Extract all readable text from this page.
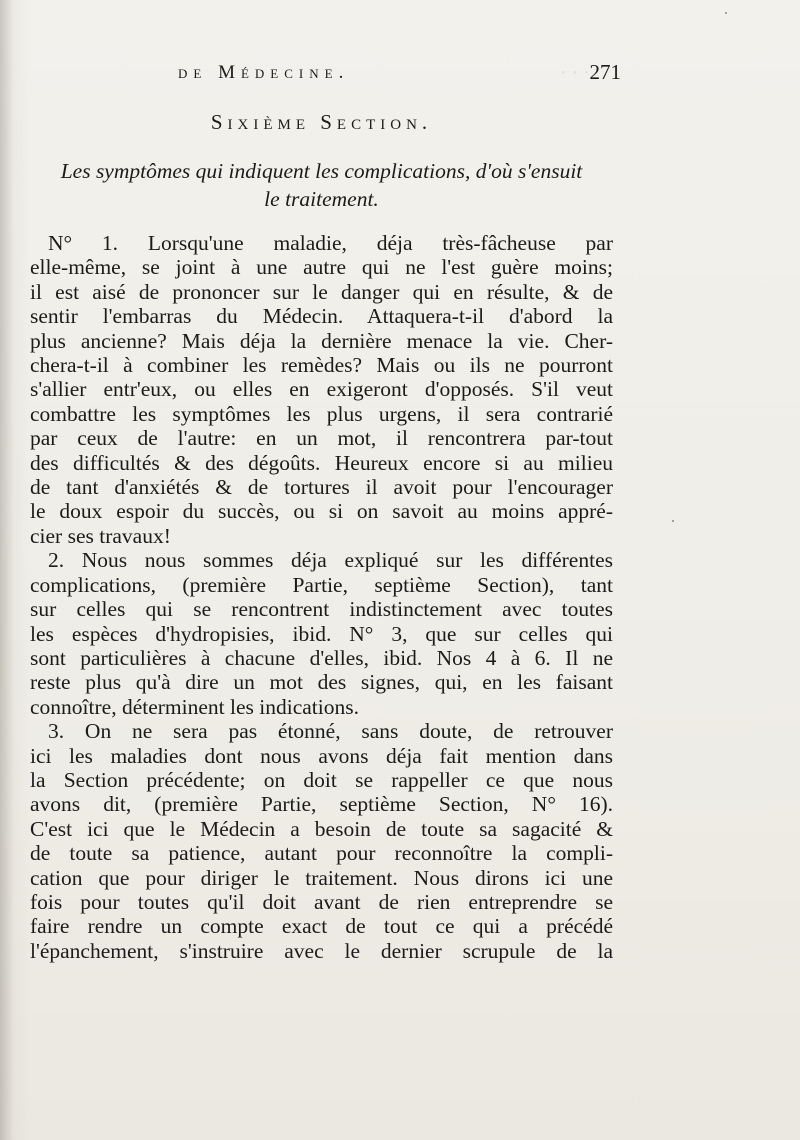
· · ·
de Médecine.	271
Sixième Section.
Les symptômes qui indiquent les complications, d'où s'ensuit
le traitement.
N° 1. Lorsqu'une maladie, déja très-fâcheuse par
elle-même, se joint à une autre qui ne l'est guère moins;
il est aisé de prononcer sur le danger qui en résulte, & de
sentir l'embarras du Médecin. Attaquera-t-il d'abord la
plus ancienne? Mais déja la dernière menace la vie. Cher-
chera-t-il à combiner les remèdes? Mais ou ils ne pourront
s'allier entr'eux, ou elles en exigeront d'opposés. S'il veut
combattre les symptômes les plus urgens, il sera contrarié
par ceux de l'autre: en un mot, il rencontrera par-tout
des difficultés & des dégoûts. Heureux encore si au milieu
de tant d'anxiétés & de tortures il avoit pour l'encourager
le doux espoir du succès, ou si on savoit au moins appré-
cier ses travaux!
2. Nous nous sommes déja expliqué sur les différentes
complications, (première Partie, septième Section), tant
sur celles qui se rencontrent indistinctement avec toutes
les espèces d'hydropisies, ibid. N° 3, que sur celles qui
sont particulières à chacune d'elles, ibid. Nos 4 à 6. Il ne
reste plus qu'à dire un mot des signes, qui, en les faisant
connoître, déterminent les indications.
3. On ne sera pas étonné, sans doute, de retrouver
ici les maladies dont nous avons déja fait mention dans
la Section précédente; on doit se rappeller ce que nous
avons dit, (première Partie, septième Section, N° 16).
C'est ici que le Médecin a besoin de toute sa sagacité &
de toute sa patience, autant pour reconnoître la compli-
cation que pour diriger le traitement. Nous dirons ici une
fois pour toutes qu'il doit avant de rien entreprendre se
faire rendre un compte exact de tout ce qui a précédé
l'épanchement, s'instruire avec le dernier scrupule de la
